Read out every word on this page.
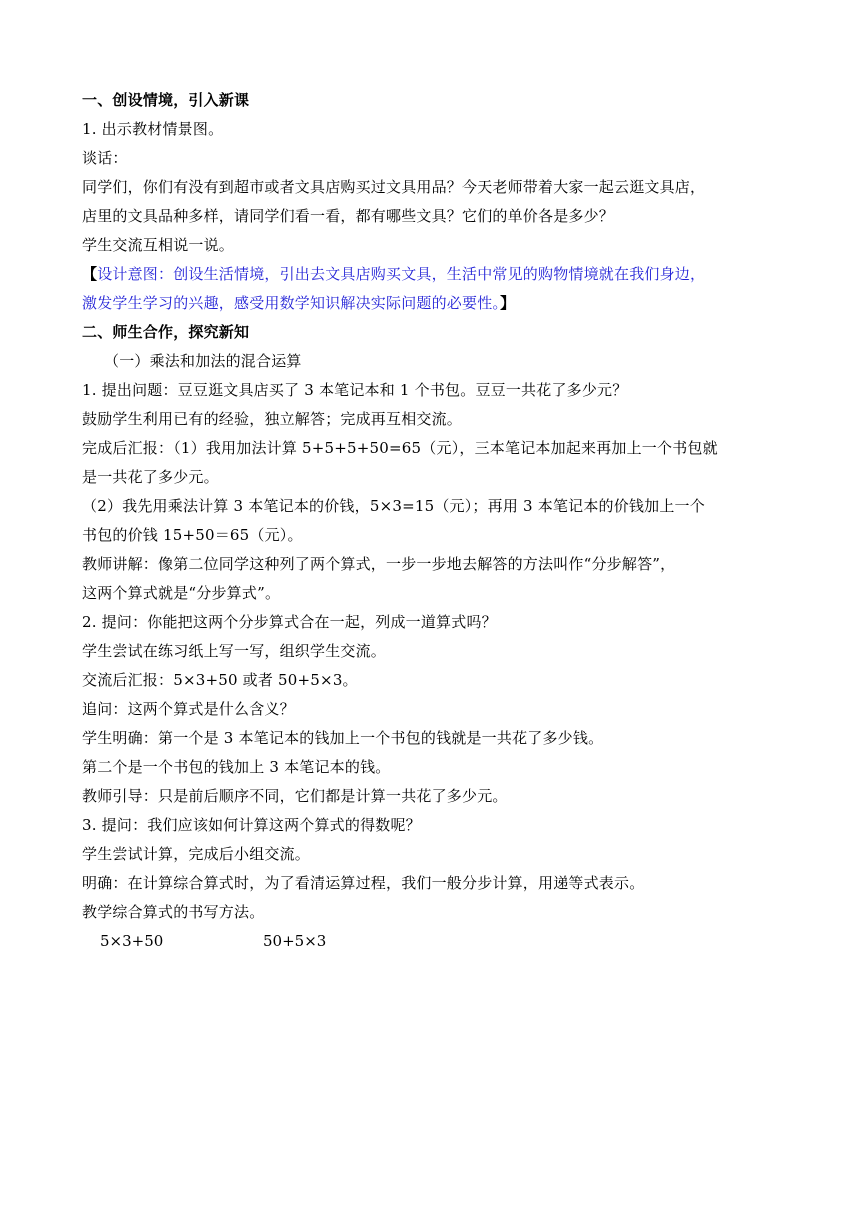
一、创设情境，引入新课
1. 出示教材情景图。
谈话：
同学们，你们有没有到超市或者文具店购买过文具用品？今天老师带着大家一起云逛文具店，
店里的文具品种多样，请同学们看一看，都有哪些文具？它们的单价各是多少？
学生交流互相说一说。
【设计意图：创设生活情境，引出去文具店购买文具，生活中常见的购物情境就在我们身边，
激发学生学习的兴趣，感受用数学知识解决实际问题的必要性。】
二、师生合作，探究新知
（一）乘法和加法的混合运算
1. 提出问题：豆豆逛文具店买了 3 本笔记本和 1 个书包。豆豆一共花了多少元？
鼓励学生利用已有的经验，独立解答；完成再互相交流。
完成后汇报：（1）我用加法计算 5+5+5+50=65（元），三本笔记本加起来再加上一个书包就
是一共花了多少元。
（2）我先用乘法计算 3 本笔记本的价钱，5×3=15（元）；再用 3 本笔记本的价钱加上一个
书包的价钱 15+50＝65（元）。
教师讲解：像第二位同学这种列了两个算式，一步一步地去解答的方法叫作“分步解答”，
这两个算式就是“分步算式”。
2. 提问：你能把这两个分步算式合在一起，列成一道算式吗？
学生尝试在练习纸上写一写，组织学生交流。
交流后汇报：5×3+50 或者 50+5×3。
追问：这两个算式是什么含义？
学生明确：第一个是 3 本笔记本的钱加上一个书包的钱就是一共花了多少钱。
第二个是一个书包的钱加上 3 本笔记本的钱。
教师引导：只是前后顺序不同，它们都是计算一共花了多少元。
3. 提问：我们应该如何计算这两个算式的得数呢？
学生尝试计算，完成后小组交流。
明确：在计算综合算式时，为了看清运算过程，我们一般分步计算，用递等式表示。
教学综合算式的书写方法。
5×3+50	50+5×3
